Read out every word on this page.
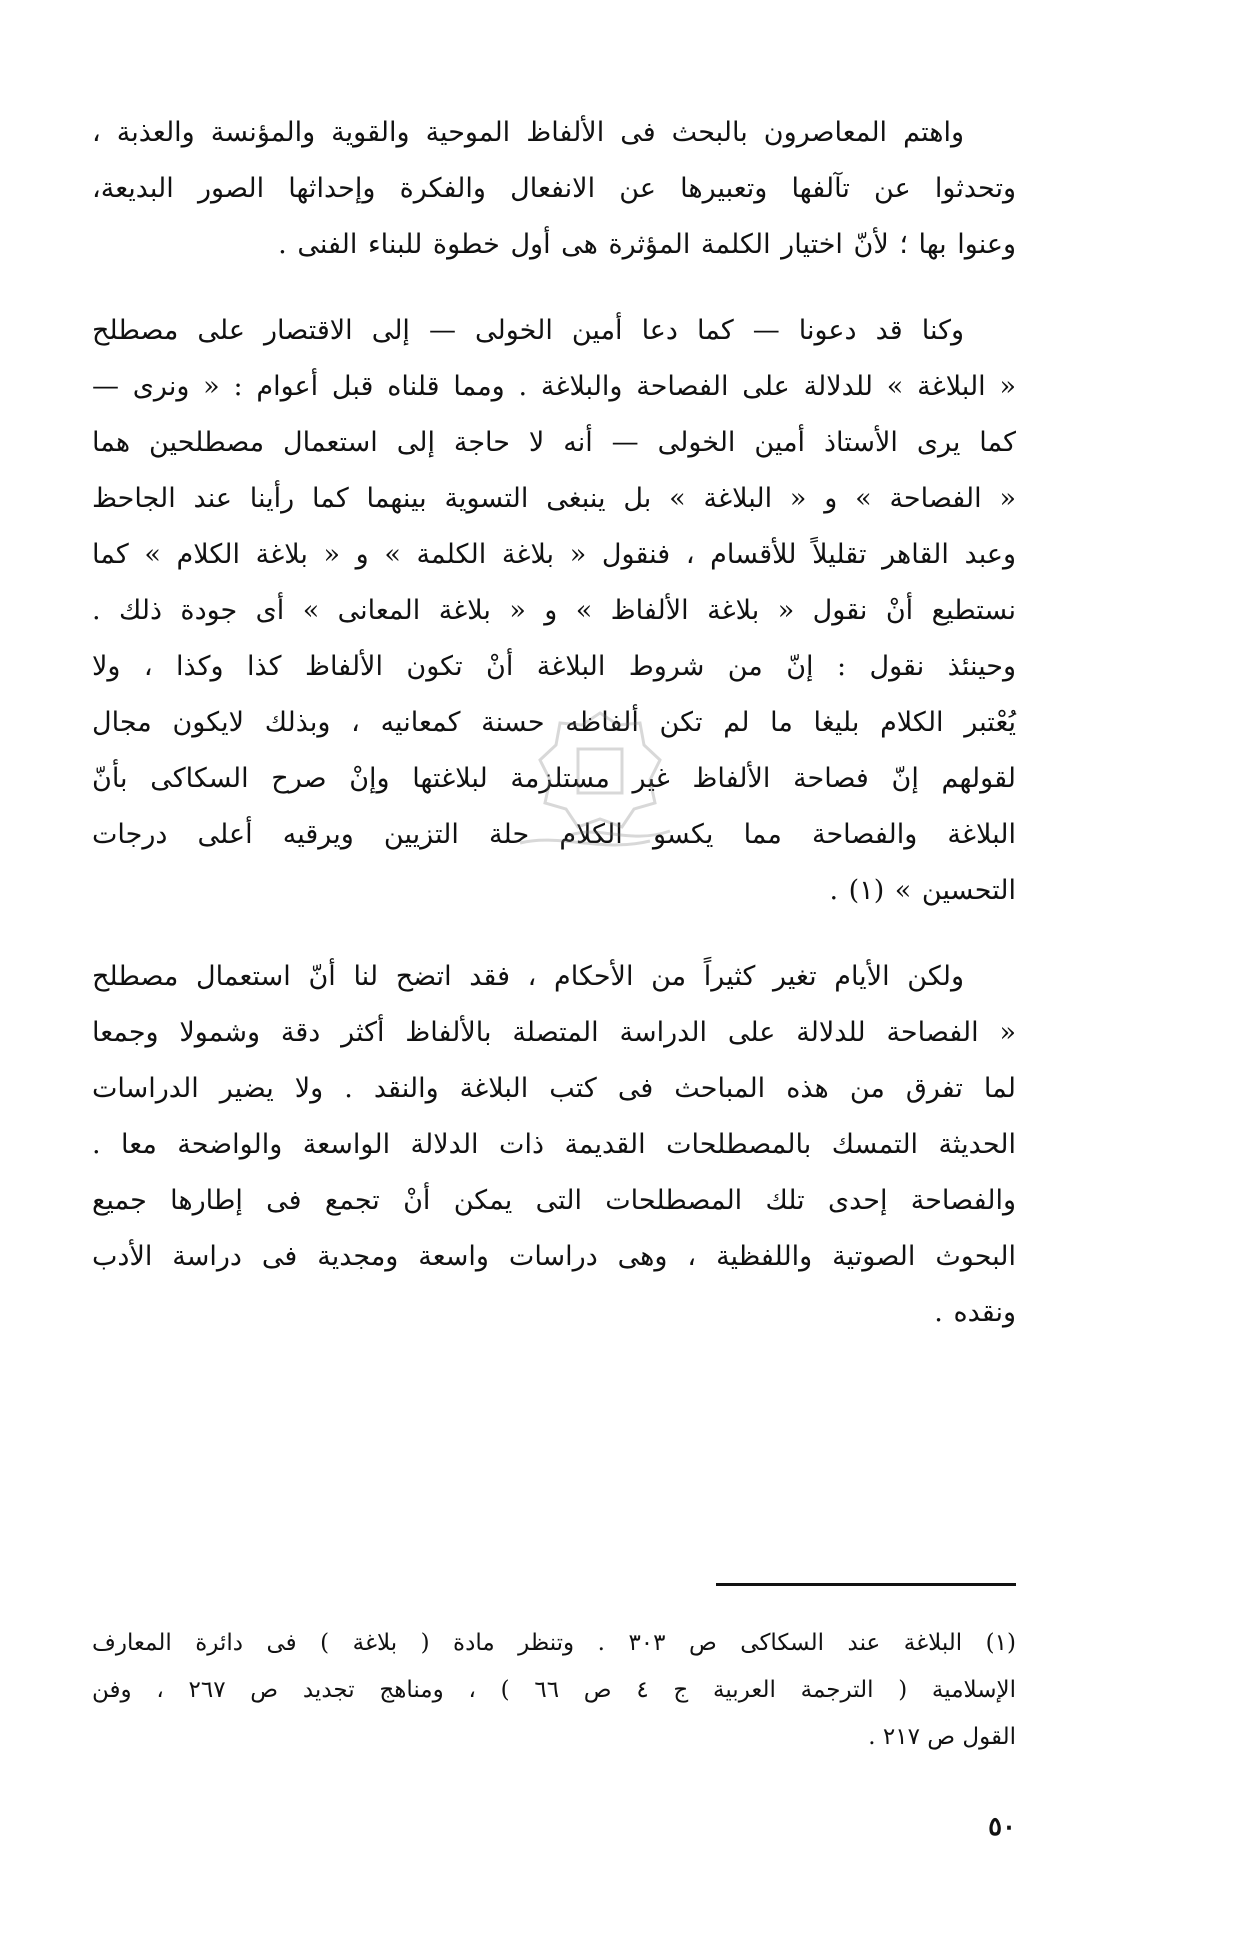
واهتم المعاصرون بالبحث فى الألفاظ الموحية والقوية والمؤنسة والعذبة ،
وتحدثوا عن تآلفها وتعبيرها عن الانفعال والفكرة وإحداثها الصور البديعة،
وعنوا بها ؛ لأنّ اختيار الكلمة المؤثرة هى أول خطوة للبناء الفنى .
وكنا قد دعونا — كما دعا أمين الخولى — إلى الاقتصار على مصطلح
« البلاغة » للدلالة على الفصاحة والبلاغة . ومما قلناه قبل أعوام : « ونرى —
كما يرى الأستاذ أمين الخولى — أنه لا حاجة إلى استعمال مصطلحين هما
« الفصاحة » و « البلاغة » بل ينبغى التسوية بينهما كما رأينا عند الجاحظ
وعبد القاهر تقليلاً للأقسام ، فنقول « بلاغة الكلمة » و « بلاغة الكلام » كما
نستطيع أنْ نقول « بلاغة الألفاظ » و « بلاغة المعانى » أى جودة ذلك .
وحينئذ نقول : إنّ من شروط البلاغة أنْ تكون الألفاظ كذا وكذا ، ولا
يُعْتبر الكلام بليغا ما لم تكن ألفاظه حسنة كمعانيه ، وبذلك لايكون مجال
لقولهم إنّ فصاحة الألفاظ غير مستلزمة لبلاغتها وإنْ صرح السكاكى بأنّ
البلاغة والفصاحة مما يكسو الكلام حلة التزيين ويرقيه أعلى درجات
التحسين » (١) .
ولكن الأيام تغير كثيراً من الأحكام ، فقد اتضح لنا أنّ استعمال مصطلح
« الفصاحة للدلالة على الدراسة المتصلة بالألفاظ أكثر دقة وشمولا وجمعا
لما تفرق من هذه المباحث فى كتب البلاغة والنقد . ولا يضير الدراسات
الحديثة التمسك بالمصطلحات القديمة ذات الدلالة الواسعة والواضحة معا .
والفصاحة إحدى تلك المصطلحات التى يمكن أنْ تجمع فى إطارها جميع
البحوث الصوتية واللفظية ، وهى دراسات واسعة ومجدية فى دراسة الأدب
ونقده .
(١) البلاغة عند السكاكى ص ٣٠٣ . وتنظر مادة ( بلاغة ) فى دائرة المعارف
الإسلامية ( الترجمة العربية ج ٤ ص ٦٦ ) ، ومناهج تجديد ص ٢٦٧ ، وفن
القول ص ٢١٧ .
٥٠
